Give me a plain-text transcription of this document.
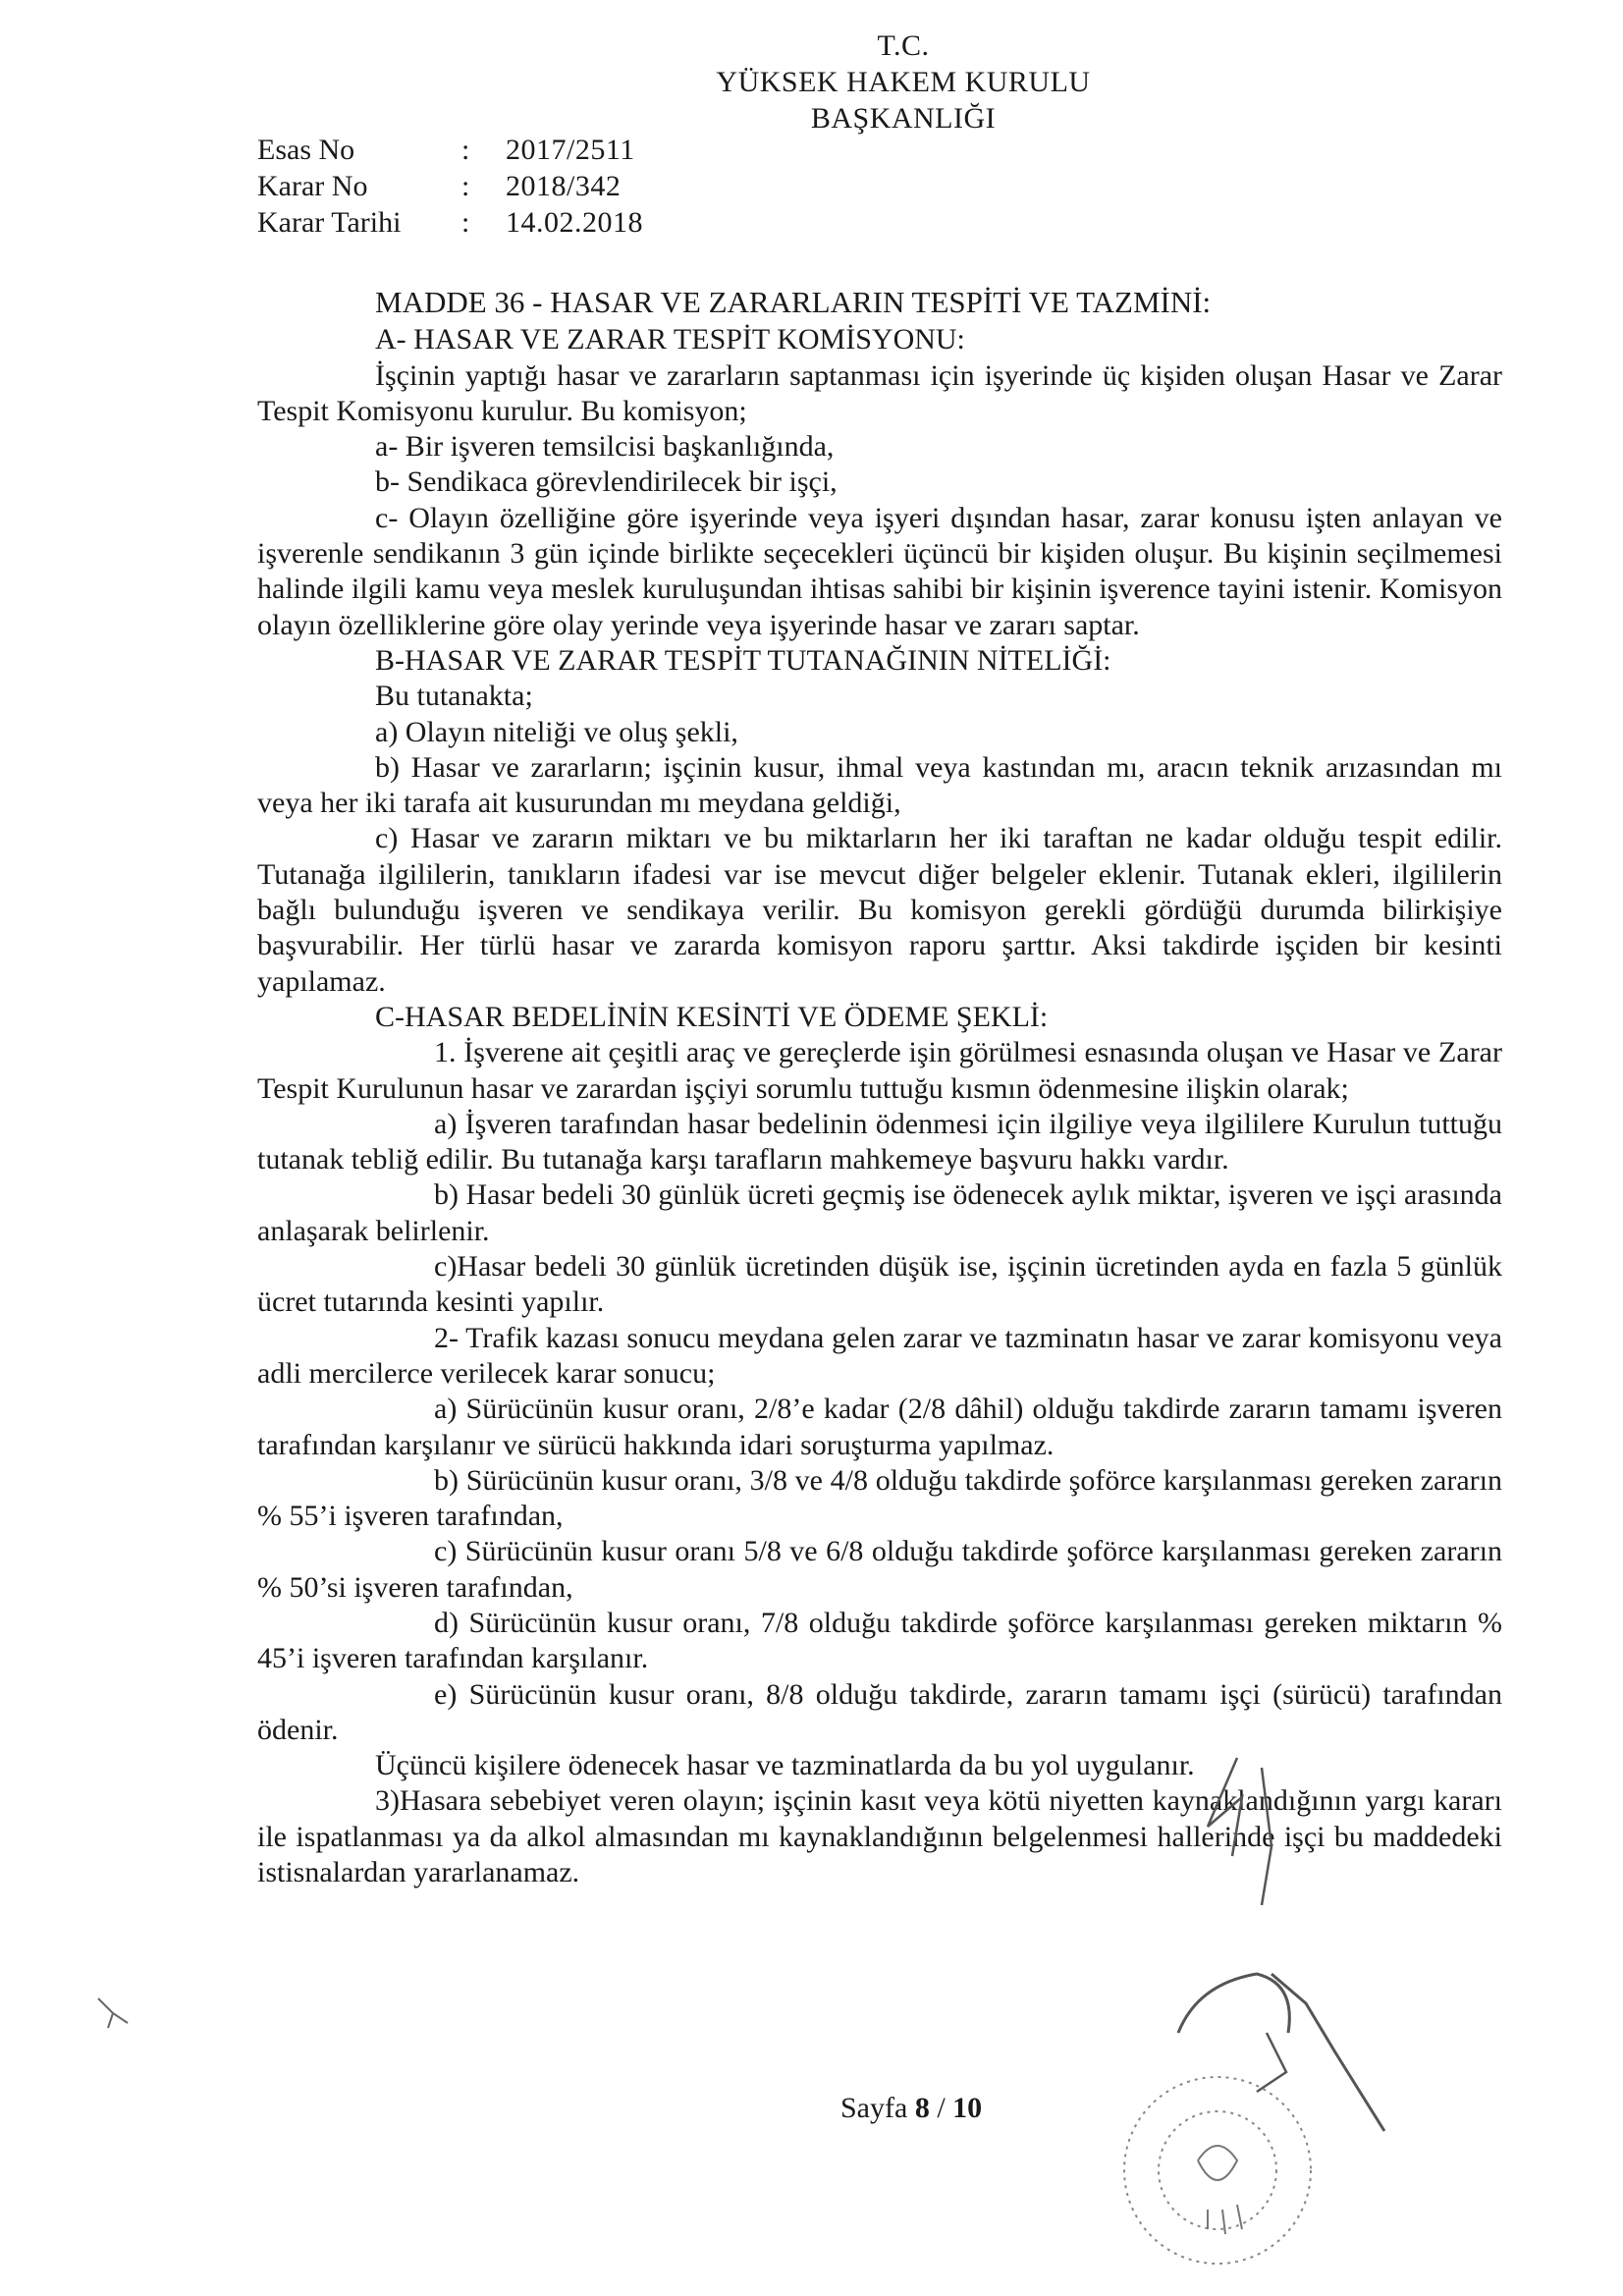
T.C.
YÜKSEK HAKEM KURULU
BAŞKANLIĞI
Esas No	:	2017/2511
Karar No	:	2018/342
Karar Tarihi	:	14.02.2018
MADDE 36 - HASAR VE ZARARLARIN TESPİTİ VE TAZMİNİ:
A- HASAR VE ZARAR TESPİT KOMİSYONU:
İşçinin yaptığı hasar ve zararların saptanması için işyerinde üç kişiden oluşan Hasar ve Zarar Tespit Komisyonu kurulur. Bu komisyon;
a- Bir işveren temsilcisi başkanlığında,
b- Sendikaca görevlendirilecek bir işçi,
c- Olayın özelliğine göre işyerinde veya işyeri dışından hasar, zarar konusu işten anlayan ve işverenle sendikanın 3 gün içinde birlikte seçecekleri üçüncü bir kişiden oluşur. Bu kişinin seçilmemesi halinde ilgili kamu veya meslek kuruluşundan ihtisas sahibi bir kişinin işverence tayini istenir. Komisyon olayın özelliklerine göre olay yerinde veya işyerinde hasar ve zararı saptar.
B-HASAR VE ZARAR TESPİT TUTANAĞININ NİTELİĞİ:
Bu tutanakta;
a) Olayın niteliği ve oluş şekli,
b) Hasar ve zararların; işçinin kusur, ihmal veya kastından mı, aracın teknik arızasından mı veya her iki tarafa ait kusurundan mı meydana geldiği,
c) Hasar ve zararın miktarı ve bu miktarların her iki taraftan ne kadar olduğu tespit edilir. Tutanağa ilgililerin, tanıkların ifadesi var ise mevcut diğer belgeler eklenir. Tutanak ekleri, ilgililerin bağlı bulunduğu işveren ve sendikaya verilir. Bu komisyon gerekli gördüğü durumda bilirkişiye başvurabilir. Her türlü hasar ve zararda komisyon raporu şarttır. Aksi takdirde işçiden bir kesinti yapılamaz.
C-HASAR BEDELİNİN KESİNTİ VE ÖDEME ŞEKLİ:
1. İşverene ait çeşitli araç ve gereçlerde işin görülmesi esnasında oluşan ve Hasar ve Zarar Tespit Kurulunun hasar ve zarardan işçiyi sorumlu tuttuğu kısmın ödenmesine ilişkin olarak;
a) İşveren tarafından hasar bedelinin ödenmesi için ilgiliye veya ilgililere Kurulun tuttuğu tutanak tebliğ edilir. Bu tutanağa karşı tarafların mahkemeye başvuru hakkı vardır.
b) Hasar bedeli 30 günlük ücreti geçmiş ise ödenecek aylık miktar, işveren ve işçi arasında anlaşarak belirlenir.
c)Hasar bedeli 30 günlük ücretinden düşük ise, işçinin ücretinden ayda en fazla 5 günlük ücret tutarında kesinti yapılır.
2- Trafik kazası sonucu meydana gelen zarar ve tazminatın hasar ve zarar komisyonu veya adli mercilerce verilecek karar sonucu;
a) Sürücünün kusur oranı, 2/8’e kadar (2/8 dâhil) olduğu takdirde zararın tamamı işveren tarafından karşılanır ve sürücü hakkında idari soruşturma yapılmaz.
b) Sürücünün kusur oranı, 3/8 ve 4/8 olduğu takdirde şoförce karşılanması gereken zararın % 55’i işveren tarafından,
c) Sürücünün kusur oranı 5/8 ve 6/8 olduğu takdirde şoförce karşılanması gereken zararın % 50’si işveren tarafından,
d) Sürücünün kusur oranı, 7/8 olduğu takdirde şoförce karşılanması gereken miktarın % 45’i işveren tarafından karşılanır.
e) Sürücünün kusur oranı, 8/8 olduğu takdirde, zararın tamamı işçi (sürücü) tarafından ödenir.
Üçüncü kişilere ödenecek hasar ve tazminatlarda da bu yol uygulanır.
3)Hasara sebebiyet veren olayın; işçinin kasıt veya kötü niyetten kaynaklandığının yargı kararı ile ispatlanması ya da alkol almasından mı kaynaklandığının belgelenmesi hallerinde işçi bu maddedeki istisnalardan yararlanamaz.
Sayfa 8 / 10
